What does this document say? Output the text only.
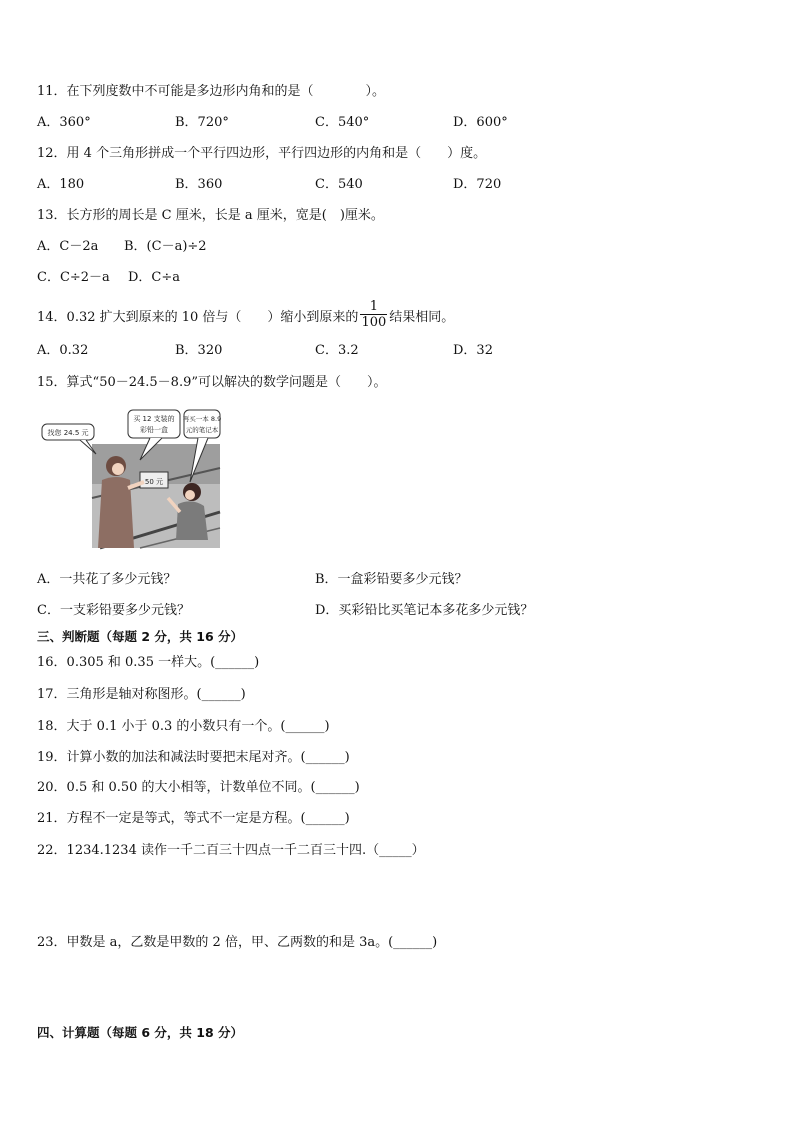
11．在下列度数中不可能是多边形内角和的是（　　　　）。
A．360°	B．720°	C．540°	D．600°
12．用 4 个三角形拼成一个平行四边形，平行四边形的内角和是（　　）度。
A．180	B．360	C．540	D．720
13．长方形的周长是 C 厘米，长是 a 厘米，宽是(　)厘米。
A．C－2a B．(C－a)÷2
C．C÷2－a D．C÷a
14．0.32 扩大到原来的 10 倍与（　　）缩小到原来的 $\frac{1}{100}$ 结果相同。
A．0.32	B．320	C．3.2	D．32
15．算式“50－24.5－8.9”可以解决的数学问题是（　　）。
50 元
找您 24.5 元
买 12 支装的
彩铅一盒
再买一本 8.9
元的笔记本
A．一共花了多少元钱？	B．一盒彩铅要多少元钱？
C．一支彩铅要多少元钱？	D．买彩铅比买笔记本多花多少元钱？
三、判断题（每题 2 分，共 16 分）
16．0.305 和 0.35 一样大。(______)
17．三角形是轴对称图形。(______)
18．大于 0.1 小于 0.3 的小数只有一个。(______)
19．计算小数的加法和减法时要把末尾对齐。(______)
20．0.5 和 0.50 的大小相等，计数单位不同。(______)
21．方程不一定是等式，等式不一定是方程。(______)
22．1234.1234 读作一千二百三十四点一千二百三十四.（_____）
23．甲数是 a，乙数是甲数的 2 倍，甲、乙两数的和是 3a。(______)
四、计算题（每题 6 分，共 18 分）
